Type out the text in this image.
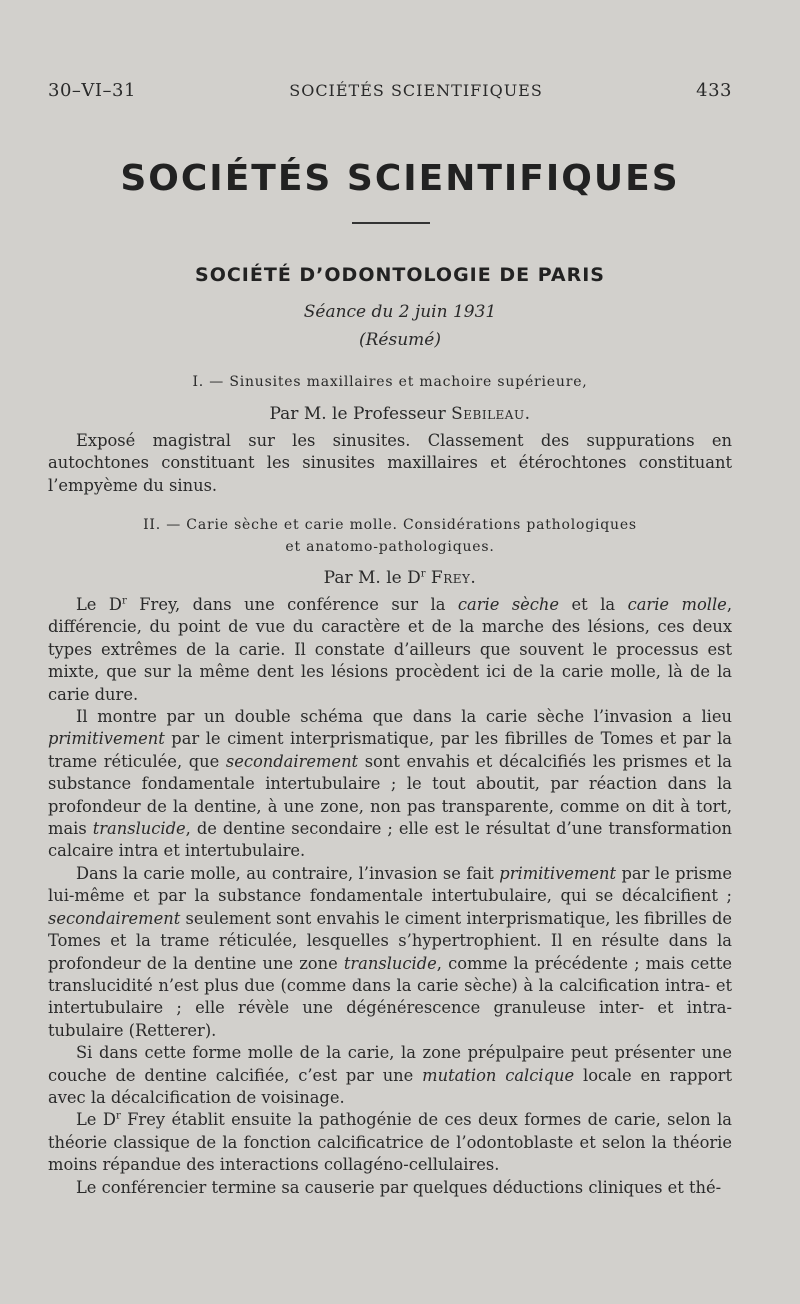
30–VI–31	SOCIÉTÉS SCIENTIFIQUES	433
SOCIÉTÉS SCIENTIFIQUES
SOCIÉTÉ D’ODONTOLOGIE DE PARIS
Séance du 2 juin 1931
(Résumé)
I. — Sinusites maxillaires et machoire supérieure,
Par M. le Professeur Sebileau.

Exposé magistral sur les sinusites. Classement des suppurations en autochtones constituant les sinusites maxillaires et étérochtones constituant l’empyème du sinus.

II. — Carie sèche et carie molle. Considérations pathologiques
et anatomo-pathologiques.
Par M. le $D^r$ Frey.

Le $D^r$ Frey, dans une conférence sur la carie sèche et la carie molle, différencie, du point de vue du caractère et de la marche des lésions, ces deux types extrêmes de la carie. Il constate d’ailleurs que souvent le processus est mixte, que sur la même dent les lésions procèdent ici de la carie molle, là de la carie dure.

Il montre par un double schéma que dans la carie sèche l’invasion a lieu primitivement par le ciment interprismatique, par les fibrilles de Tomes et par la trame réticulée, que secondairement sont envahis et décalcifiés les prismes et la substance fondamentale intertubulaire ; le tout aboutit, par réaction dans la profondeur de la dentine, à une zone, non pas transparente, comme on dit à tort, mais translucide, de dentine secondaire ; elle est le résultat d’une transformation calcaire intra et intertubulaire.

Dans la carie molle, au contraire, l’invasion se fait primitivement par le prisme lui-même et par la substance fondamentale intertubulaire, qui se décalcifient ; secondairement seulement sont envahis le ciment interprismatique, les fibrilles de Tomes et la trame réticulée, lesquelles s’hypertrophient. Il en résulte dans la profondeur de la dentine une zone translucide, comme la précédente ; mais cette translucidité n’est plus due (comme dans la carie sèche) à la calcification intra- et intertubulaire ; elle révèle une dégénérescence granuleuse inter- et intra-tubulaire (Retterer).

Si dans cette forme molle de la carie, la zone prépulpaire peut présenter une couche de dentine calcifiée, c’est par une mutation calcique locale en rapport avec la décalcification de voisinage.

Le $D^r$ Frey établit ensuite la pathogénie de ces deux formes de carie, selon la théorie classique de la fonction calcificatrice de l’odontoblaste et selon la théorie moins répandue des interactions collagéno-cellulaires.

Le conférencier termine sa causerie par quelques déductions cliniques et thé-
